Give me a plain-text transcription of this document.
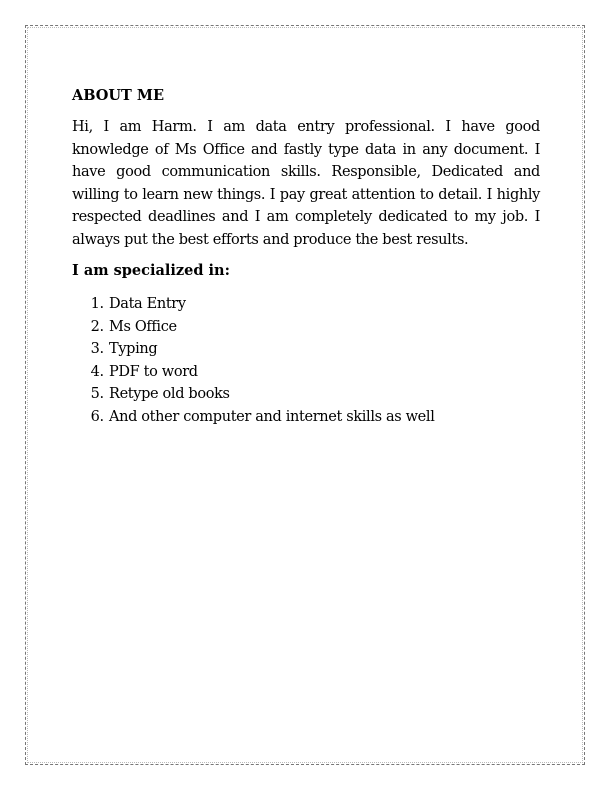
ABOUT ME

Hi, I am Harm. I am data entry professional. I have good knowledge of Ms Office and fastly type data in any document. I have good communication skills. Responsible, Dedicated and willing to learn new things. I pay great attention to detail. I highly respected deadlines and I am completely dedicated to my job. I always put the best efforts and produce the best results.

I am specialized in:
1. Data Entry
2. Ms Office
3. Typing
4. PDF to word
5. Retype old books
6. And other computer and internet skills as well
